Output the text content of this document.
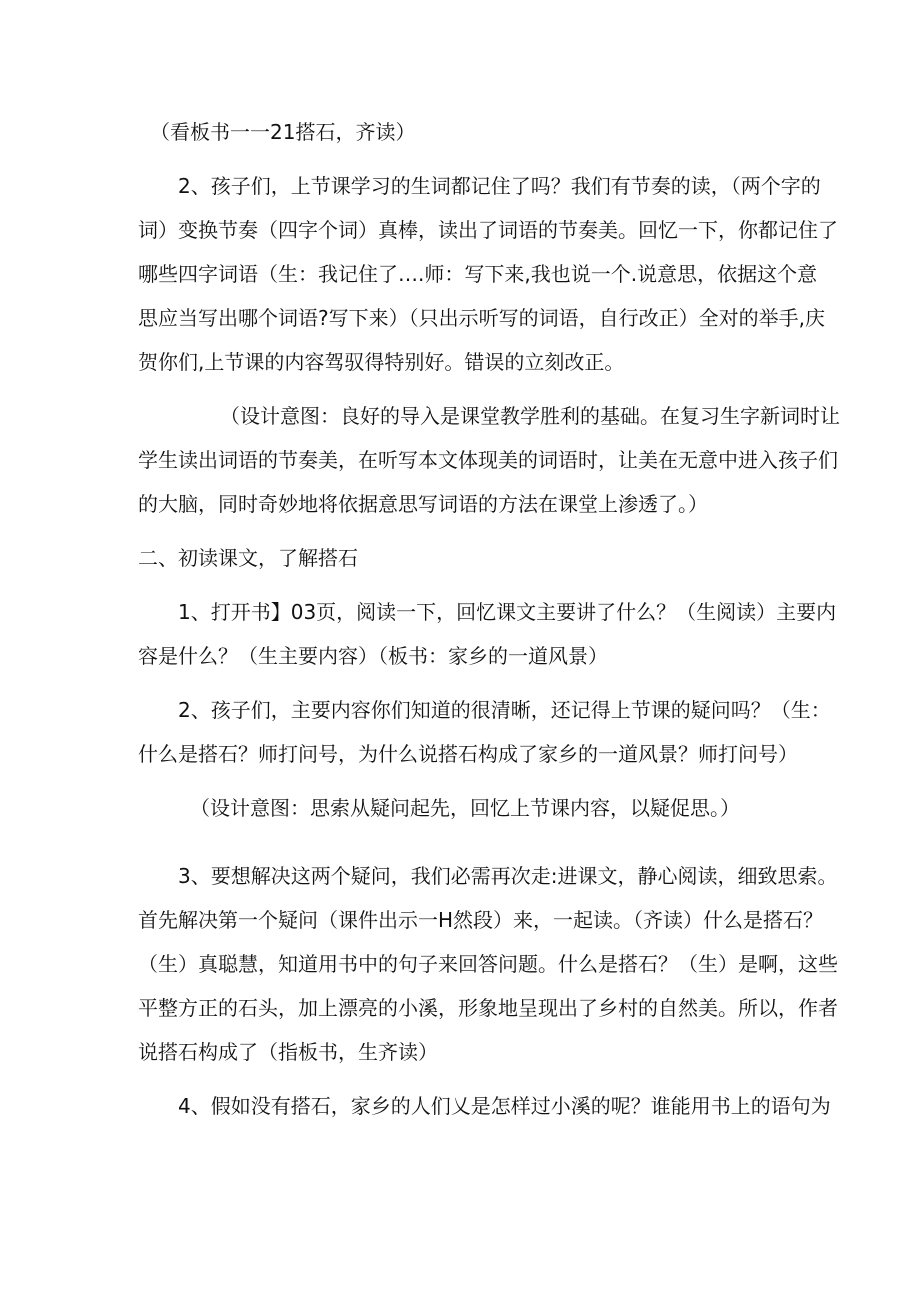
（看板书一一21搭石，齐读）

2、孩子们，上节课学习的生词都记住了吗？我们有节奏的读，（两个字的

词）变换节奏（四字个词）真棒，读出了词语的节奏美。回忆一下，你都记住了

哪些四字词语（生：我记住了….师：写下来,我也说一个.说意思，依据这个意

思应当写出哪个词语?写下来）（只出示听写的词语，自行改正）全对的举手,庆

贺你们,上节课的内容驾驭得特别好。错误的立刻改正。

（设计意图：良好的导入是课堂教学胜利的基础。在复习生字新词时让

学生读出词语的节奏美，在听写本文体现美的词语时，让美在无意中进入孩子们

的大脑，同时奇妙地将依据意思写词语的方法在课堂上渗透了。）

二、初读课文，了解搭石

1、打开书】03页，阅读一下，回忆课文主要讲了什么？（生阅读）主要内

容是什么？（生主要内容）（板书：家乡的一道风景）

2、孩子们，主要内容你们知道的很清晰，还记得上节课的疑问吗？（生：

什么是搭石？师打问号，为什么说搭石构成了家乡的一道风景？师打问号）

（设计意图：思索从疑问起先，回忆上节课内容，以疑促思。）

3、要想解决这两个疑问，我们必需再次走:进课文，静心阅读，细致思索。

首先解决第一个疑问（课件出示一H然段）来，一起读。（齐读）什么是搭石？

（生）真聪慧，知道用书中的句子来回答问题。什么是搭石？（生）是啊，这些

平整方正的石头，加上漂亮的小溪，形象地呈现出了乡村的自然美。所以，作者

说搭石构成了（指板书，生齐读）

4、假如没有搭石，家乡的人们乂是怎样过小溪的呢？谁能用书上的语句为
